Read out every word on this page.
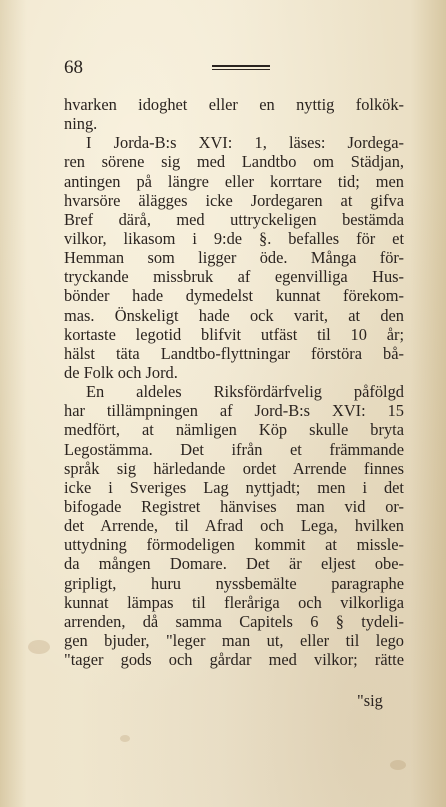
68
hvarken idoghet eller en nyttig folkök-
ning.
I Jorda-B:s XVI: 1, läses: Jordega-
ren sörene sig med Landtbo om Städjan,
antingen på längre eller korrtare tid; men
hvarsöre älägges icke Jordegaren at gifva
Bref därå, med uttryckeligen bestämda
vilkor, likasom i 9:de §. befalles för et
Hemman som ligger öde. Många för-
tryckande missbruk af egenvilliga Hus-
bönder hade dymedelst kunnat förekom-
mas. Önskeligt hade ock varit, at den
kortaste legotid blifvit utfäst til 10 år;
hälst täta Landtbo-flyttningar förstöra bå-
de Folk och Jord.
En aldeles Riksfördärfvelig påfölgd
har tillämpningen af Jord-B:s XVI: 15
medfört, at nämligen Köp skulle bryta
Legostämma. Det ifrån et främmande
språk sig härledande ordet Arrende finnes
icke i Sveriges Lag nyttjadt; men i det
bifogade Registret hänvises man vid or-
det Arrende, til Afrad och Lega, hvilken
uttydning förmodeligen kommit at missle-
da mången Domare. Det är eljest obe-
gripligt, huru nyssbemälte paragraphe
kunnat lämpas til fleråriga och vilkorliga
arrenden, då samma Capitels 6 § tydeli-
gen bjuder, "leger man ut, eller til lego
"tager gods och gårdar med vilkor; rätte
"sig
